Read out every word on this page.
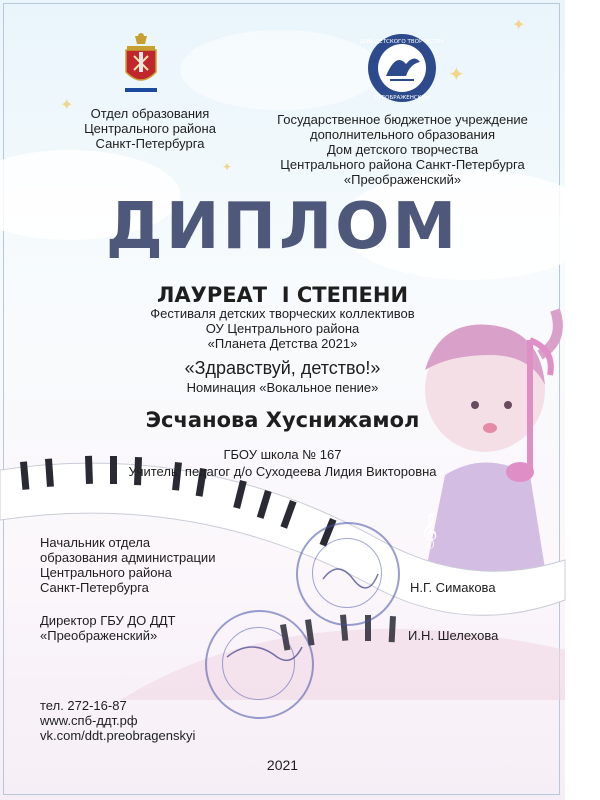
✦
✦
✦
✦
𝄞
ДОМ ДЕТСКОГО ТВОРЧЕСТВА
ПРЕОБРАЖЕНСКИЙ
Отдел образования
Центрального района
Санкт-Петербурга
Государственное бюджетное учреждение
дополнительного образования
Дом детского творчества
Центрального района Санкт-Петербурга
«Преображенский»
ДИПЛОМ
ЛАУРЕАТ  I СТЕПЕНИ
Фестиваля детских творческих коллективов
ОУ Центрального района
«Планета Детства 2021»
«Здравствуй, детство!»
Номинация «Вокальное пение»
Эсчанова Хуснижамол
ГБОУ школа № 167
Учитель, педагог д/о Суходеева Лидия Викторовна
Начальник отдела
образования администрации
Центрального района
Санкт-Петербурга	Н.Г. Симакова
Директор ГБУ ДО ДДТ
«Преображенский»	И.Н. Шелехова
тел. 272-16-87
www.спб-ддт.рф
vk.com/ddt.preobragenskyi
2021
